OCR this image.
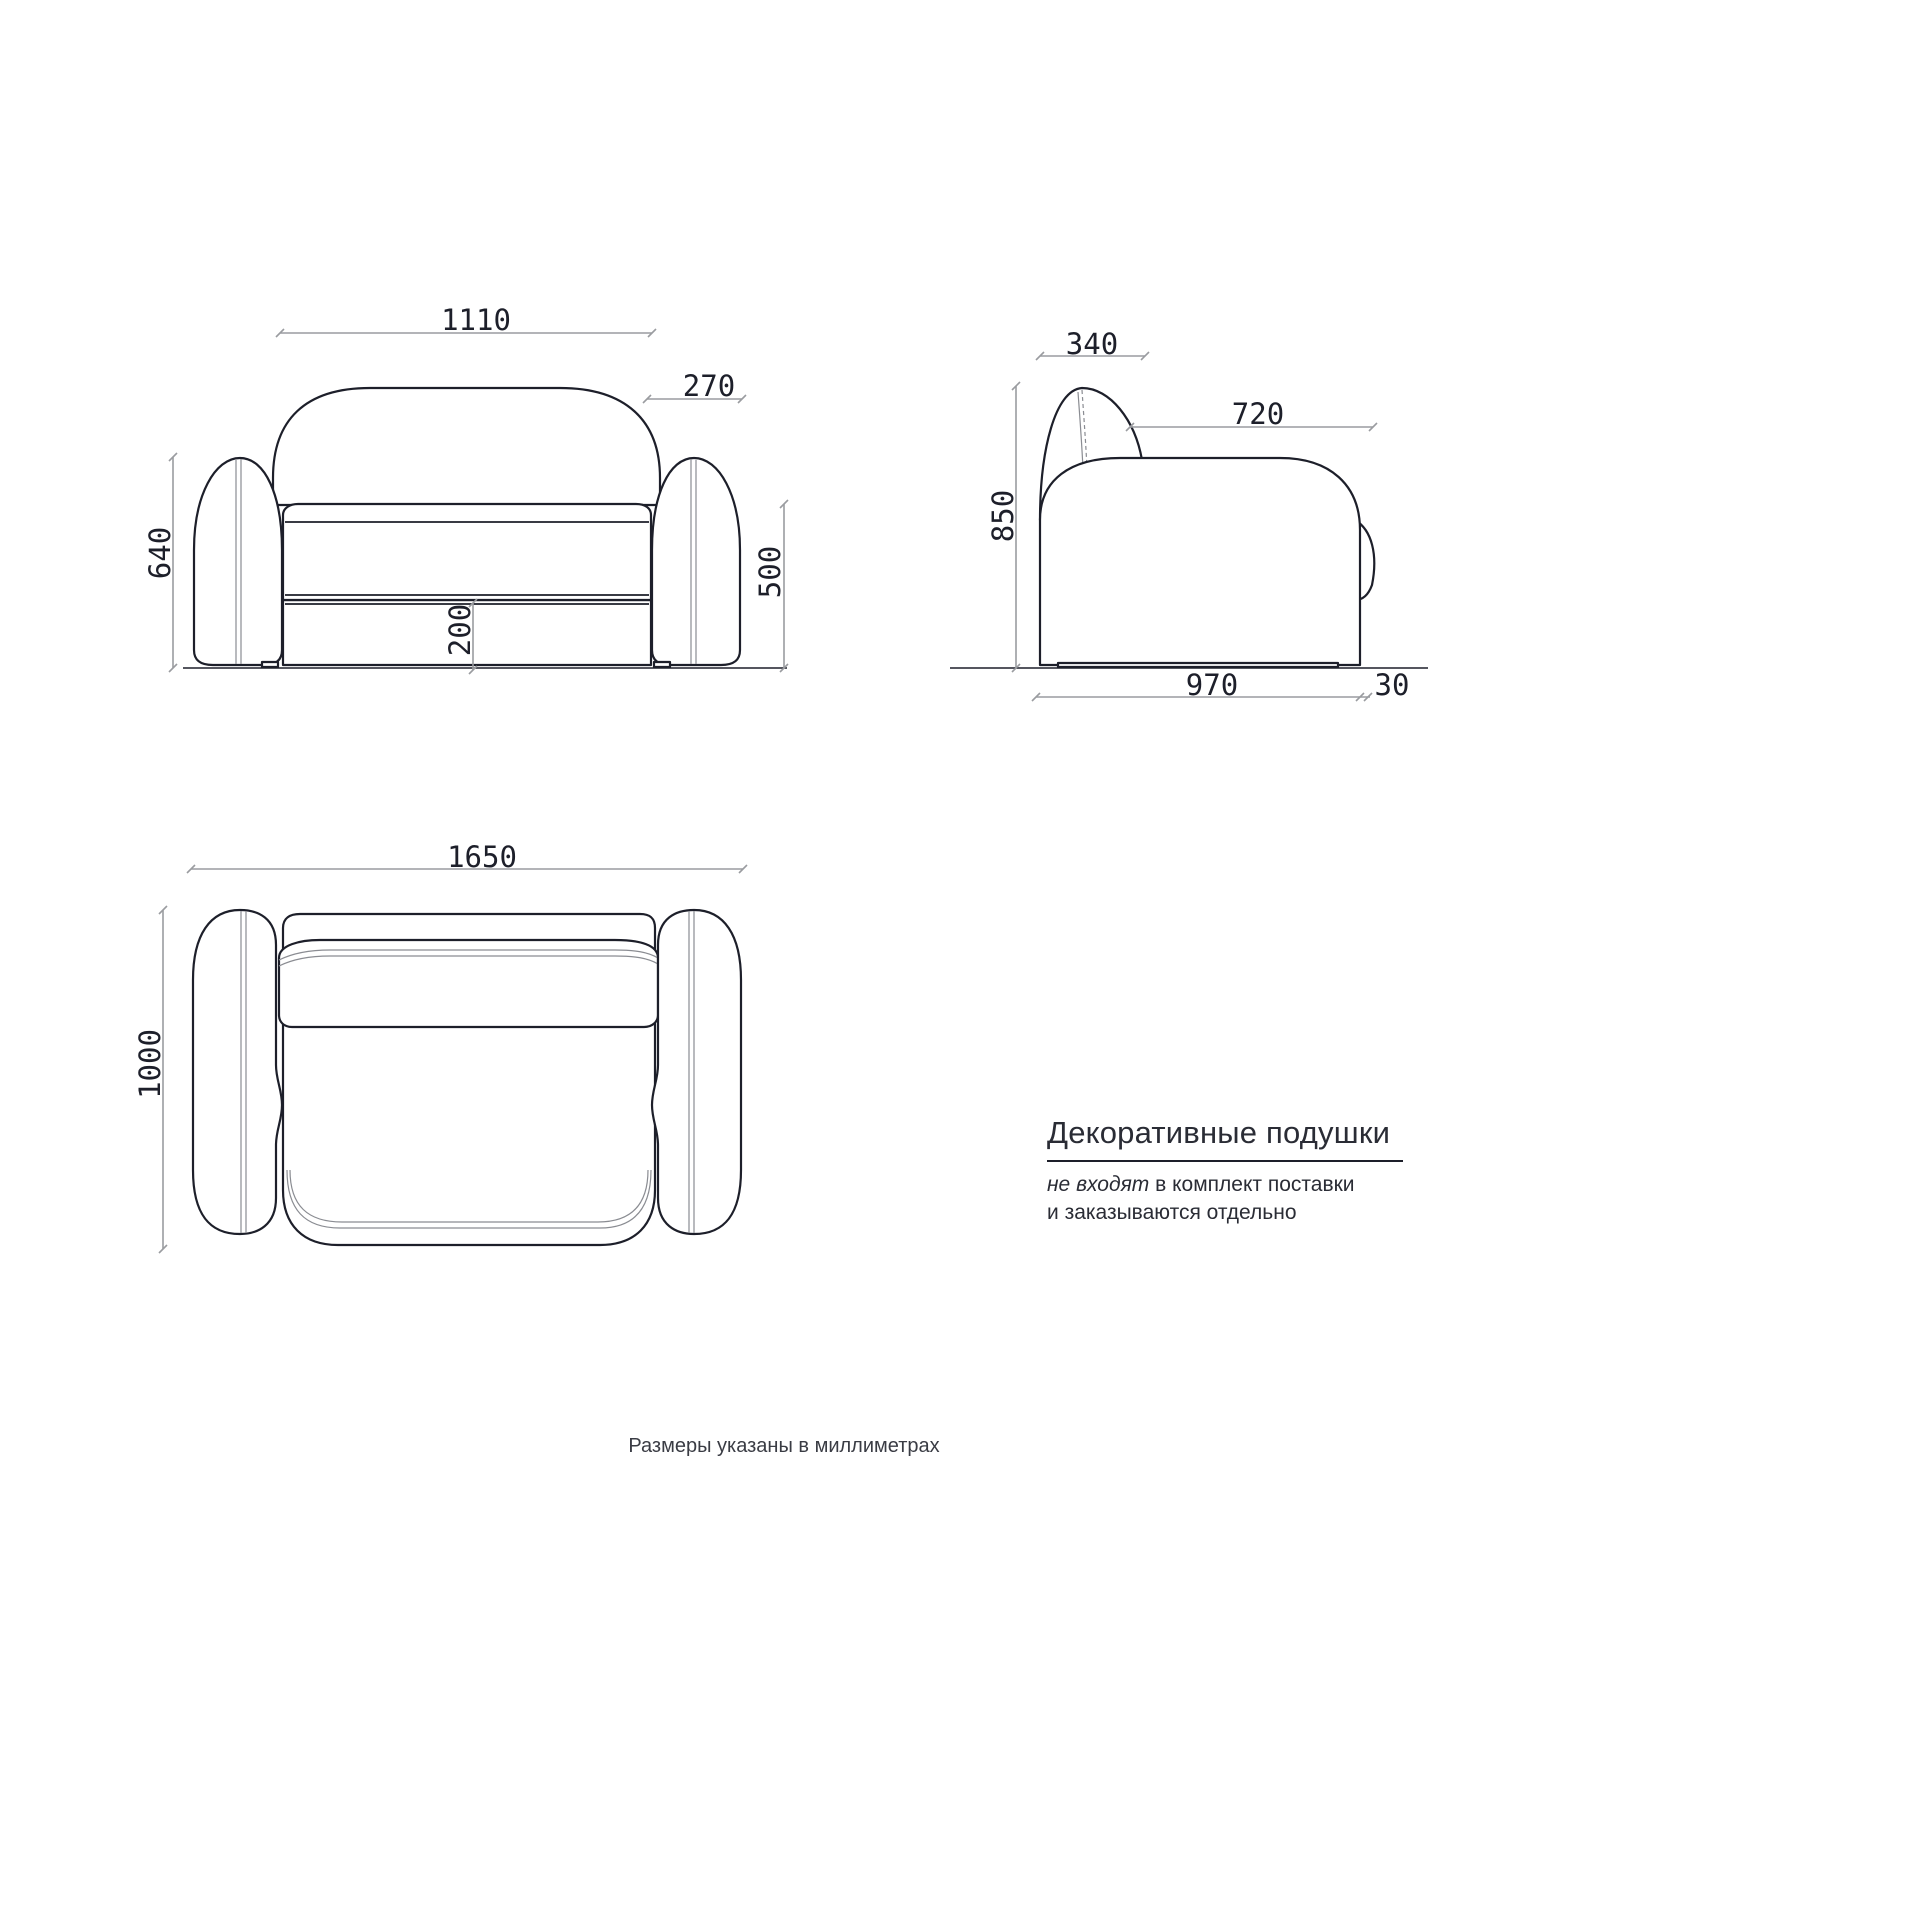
1110
270
640	500
200
340
720
850
970	30
1650
1000
Декоративные подушки
не входят в комплект поставки
и заказываются отдельно
Размеры указаны в миллиметрах
